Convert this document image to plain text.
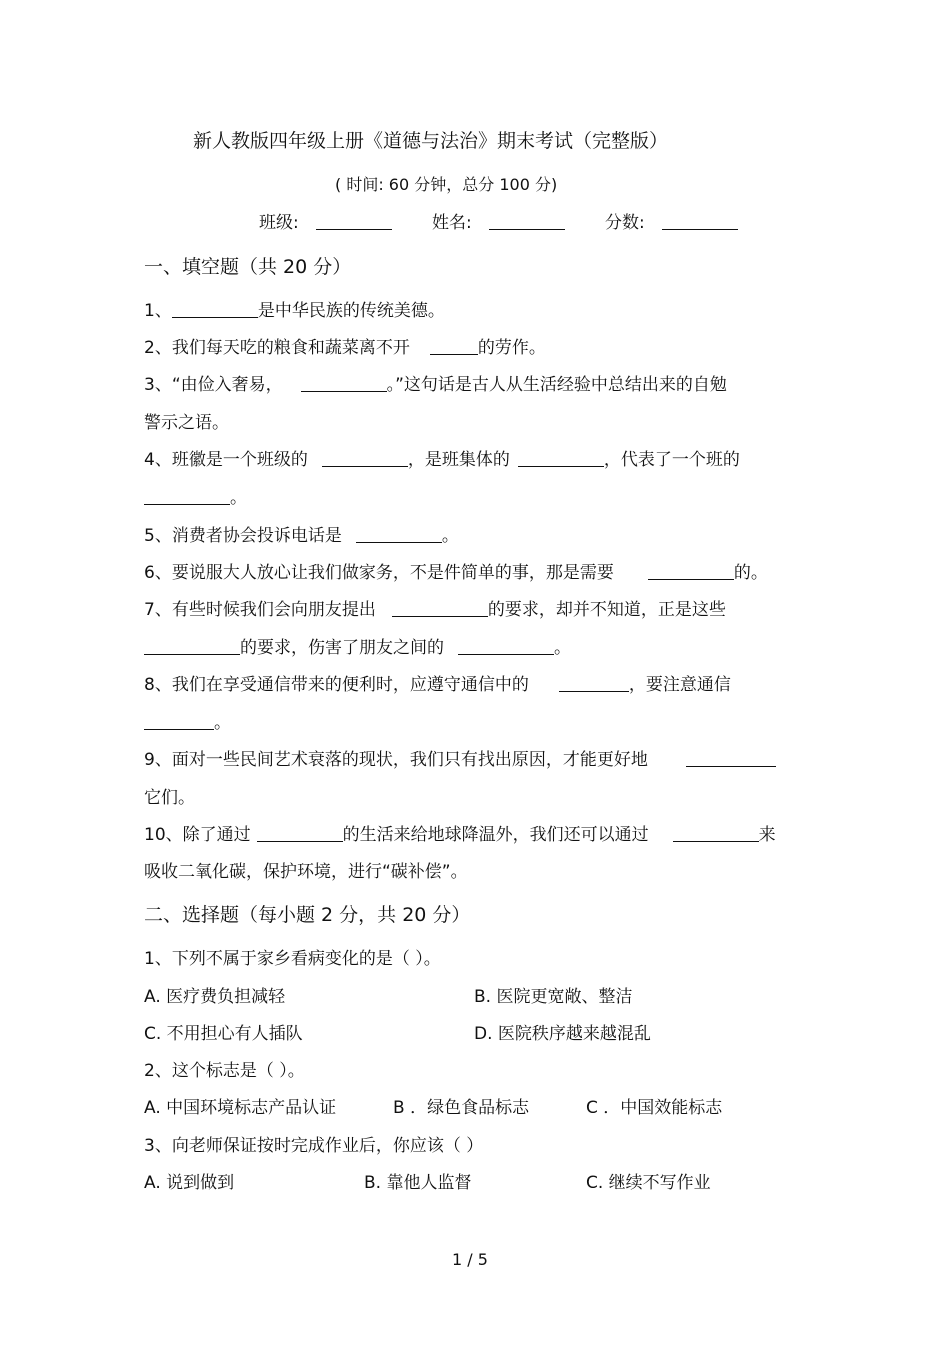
新人教版四年级上册《道德与法治》期末考试（完整版）
( 时间: 60 分钟，总分 100 分)
班级:	姓名:	分数:
一、填空题（共 20 分）
1、	是中华民族的传统美德。
2、我们每天吃的粮食和蔬菜离不开	的劳作。
3、“由俭入奢易，	。”这句话是古人从生活经验中总结出来的自勉
警示之语。
4、班徽是一个班级的	，是班集体的	，代表了一个班的
。
5、消费者协会投诉电话是	。
6、要说服大人放心让我们做家务，不是件简单的事，那是需要	的。
7、有些时候我们会向朋友提出	的要求，却并不知道，正是这些
的要求，伤害了朋友之间的	。
8、我们在享受通信带来的便利时，应遵守通信中的	，要注意通信
。
9、面对一些民间艺术衰落的现状，我们只有找出原因，才能更好地
它们。
10、除了通过	的生活来给地球降温外，我们还可以通过	来
吸收二氧化碳，保护环境，进行“碳补偿”。
二、选择题（每小题 2 分，共 20 分）
1、下列不属于家乡看病变化的是（ ）。
A. 医疗费负担减轻	B. 医院更宽敞、整洁
C. 不用担心有人插队	D. 医院秩序越来越混乱
2、这个标志是（ ）。
A. 中国环境标志产品认证	B ．绿色食品标志	C ．中国效能标志
3、向老师保证按时完成作业后，你应该（ ）
A. 说到做到	B. 靠他人监督	C. 继续不写作业
1 / 5
